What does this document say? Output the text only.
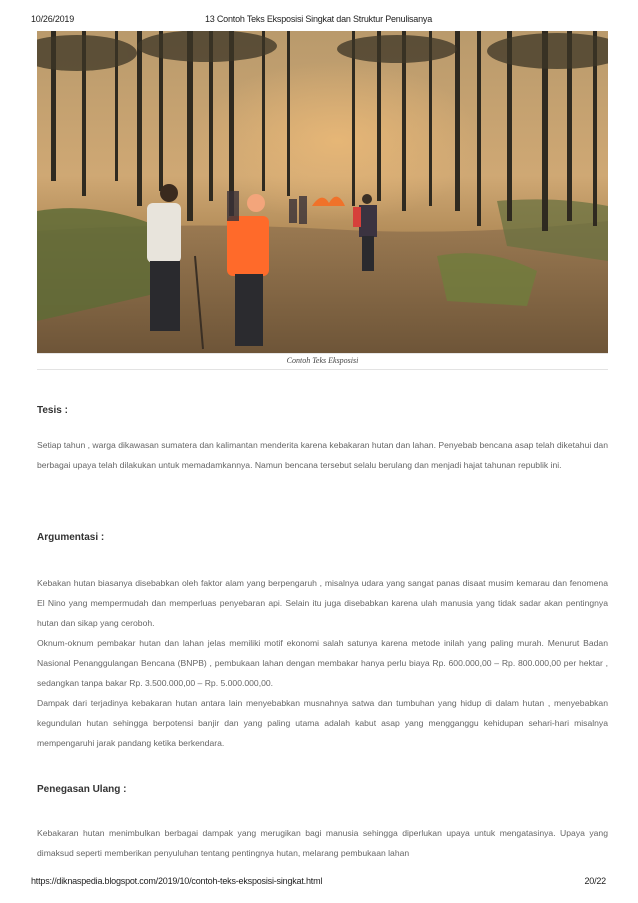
10/26/2019	13 Contoh Teks Eksposisi Singkat dan Struktur Penulisanya
Contoh Teks Eksposisi
Tesis :

Setiap tahun , warga dikawasan sumatera dan kalimantan menderita karena kebakaran hutan dan lahan. Penyebab bencana asap telah diketahui dan berbagai upaya telah dilakukan untuk memadamkannya. Namun bencana tersebut selalu berulang dan menjadi hajat tahunan republik ini.

Argumentasi :

Kebakan hutan biasanya disebabkan oleh faktor alam yang berpengaruh , misalnya udara yang sangat panas disaat musim kemarau dan fenomena El Nino yang mempermudah dan memperluas penyebaran api. Selain itu juga disebabkan karena ulah manusia yang tidak sadar akan pentingnya hutan dan sikap yang ceroboh.

Oknum-oknum pembakar hutan dan lahan jelas memiliki motif ekonomi salah satunya karena metode inilah yang paling murah. Menurut Badan Nasional Penanggulangan Bencana (BNPB) , pembukaan lahan dengan membakar hanya perlu biaya Rp. 600.000,00 – Rp. 800.000,00 per hektar , sedangkan tanpa bakar Rp. 3.500.000,00 – Rp. 5.000.000,00.

Dampak dari terjadinya kebakaran hutan antara lain menyebabkan musnahnya satwa dan tumbuhan yang hidup di dalam hutan , menyebabkan kegundulan hutan sehingga berpotensi banjir dan yang paling utama adalah kabut asap yang mengganggu kehidupan sehari-hari misalnya mempengaruhi jarak pandang ketika berkendara.

Penegasan Ulang :

Kebakaran hutan menimbulkan berbagai dampak yang merugikan bagi manusia sehingga diperlukan upaya untuk mengatasinya. Upaya yang dimaksud seperti memberikan penyuluhan tentang pentingnya hutan, melarang pembukaan lahan

https://diknaspedia.blogspot.com/2019/10/contoh-teks-eksposisi-singkat.html	20/22
